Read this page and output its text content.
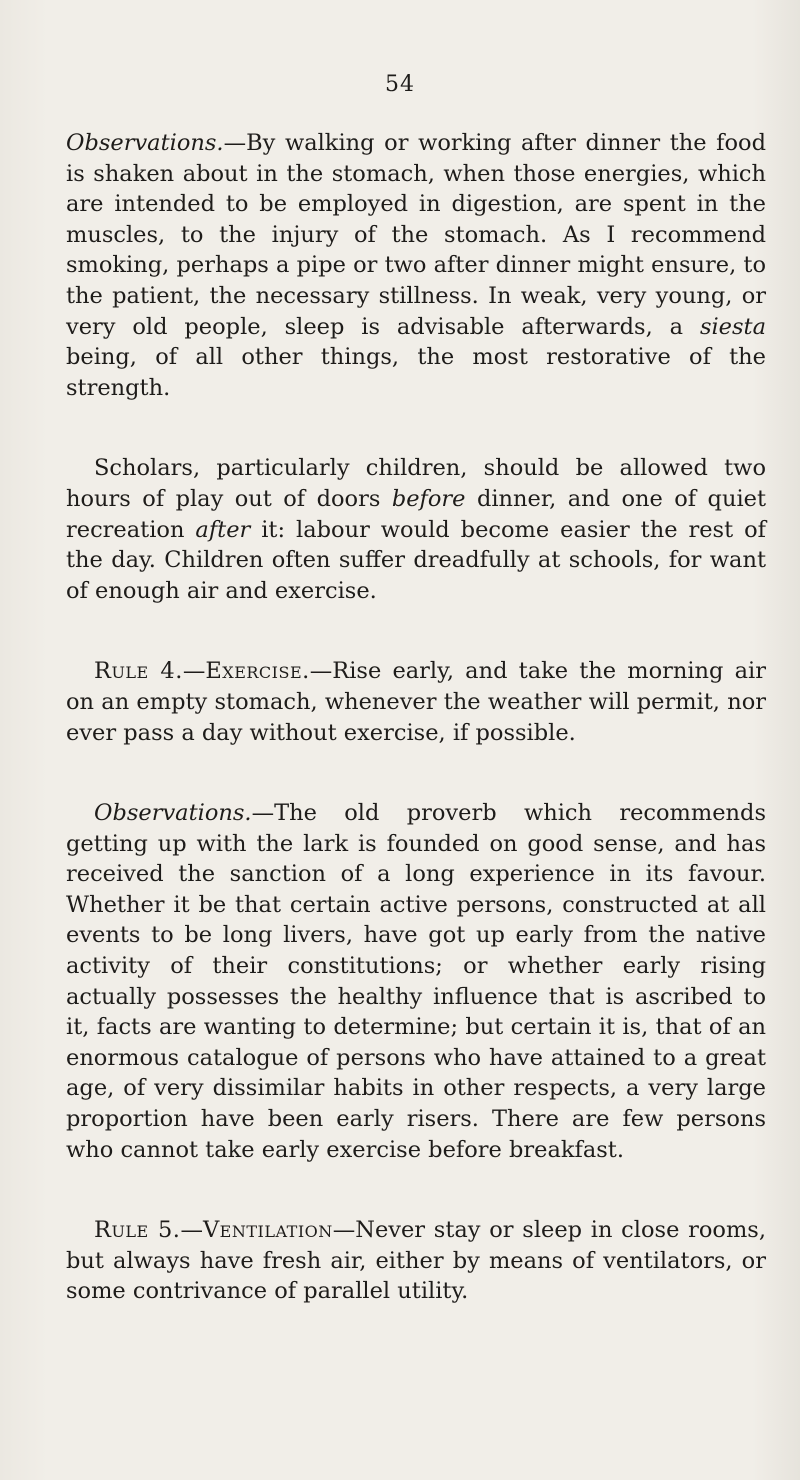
54

Observations.—By walking or working after dinner the food is shaken about in the stomach, when those energies, which are intended to be employed in digestion, are spent in the muscles, to the injury of the stomach. As I recommend smoking, perhaps a pipe or two after dinner might ensure, to the patient, the necessary stillness. In weak, very young, or very old people, sleep is advisable afterwards, a siesta being, of all other things, the most restorative of the strength.

Scholars, particularly children, should be allowed two hours of play out of doors before dinner, and one of quiet recreation after it: labour would become easier the rest of the day. Children often suffer dreadfully at schools, for want of enough air and exercise.

Rule 4.—Exercise.—Rise early, and take the morning air on an empty stomach, whenever the weather will permit, nor ever pass a day without exercise, if possible.

Observations.—The old proverb which recommends getting up with the lark is founded on good sense, and has received the sanction of a long experience in its favour. Whether it be that certain active persons, constructed at all events to be long livers, have got up early from the native activity of their constitutions; or whether early rising actually possesses the healthy influence that is ascribed to it, facts are wanting to determine; but certain it is, that of an enormous catalogue of persons who have attained to a great age, of very dissimilar habits in other respects, a very large proportion have been early risers. There are few persons who cannot take early exercise before breakfast.

Rule 5.—Ventilation—Never stay or sleep in close rooms, but always have fresh air, either by means of ventilators, or some contrivance of parallel utility.
